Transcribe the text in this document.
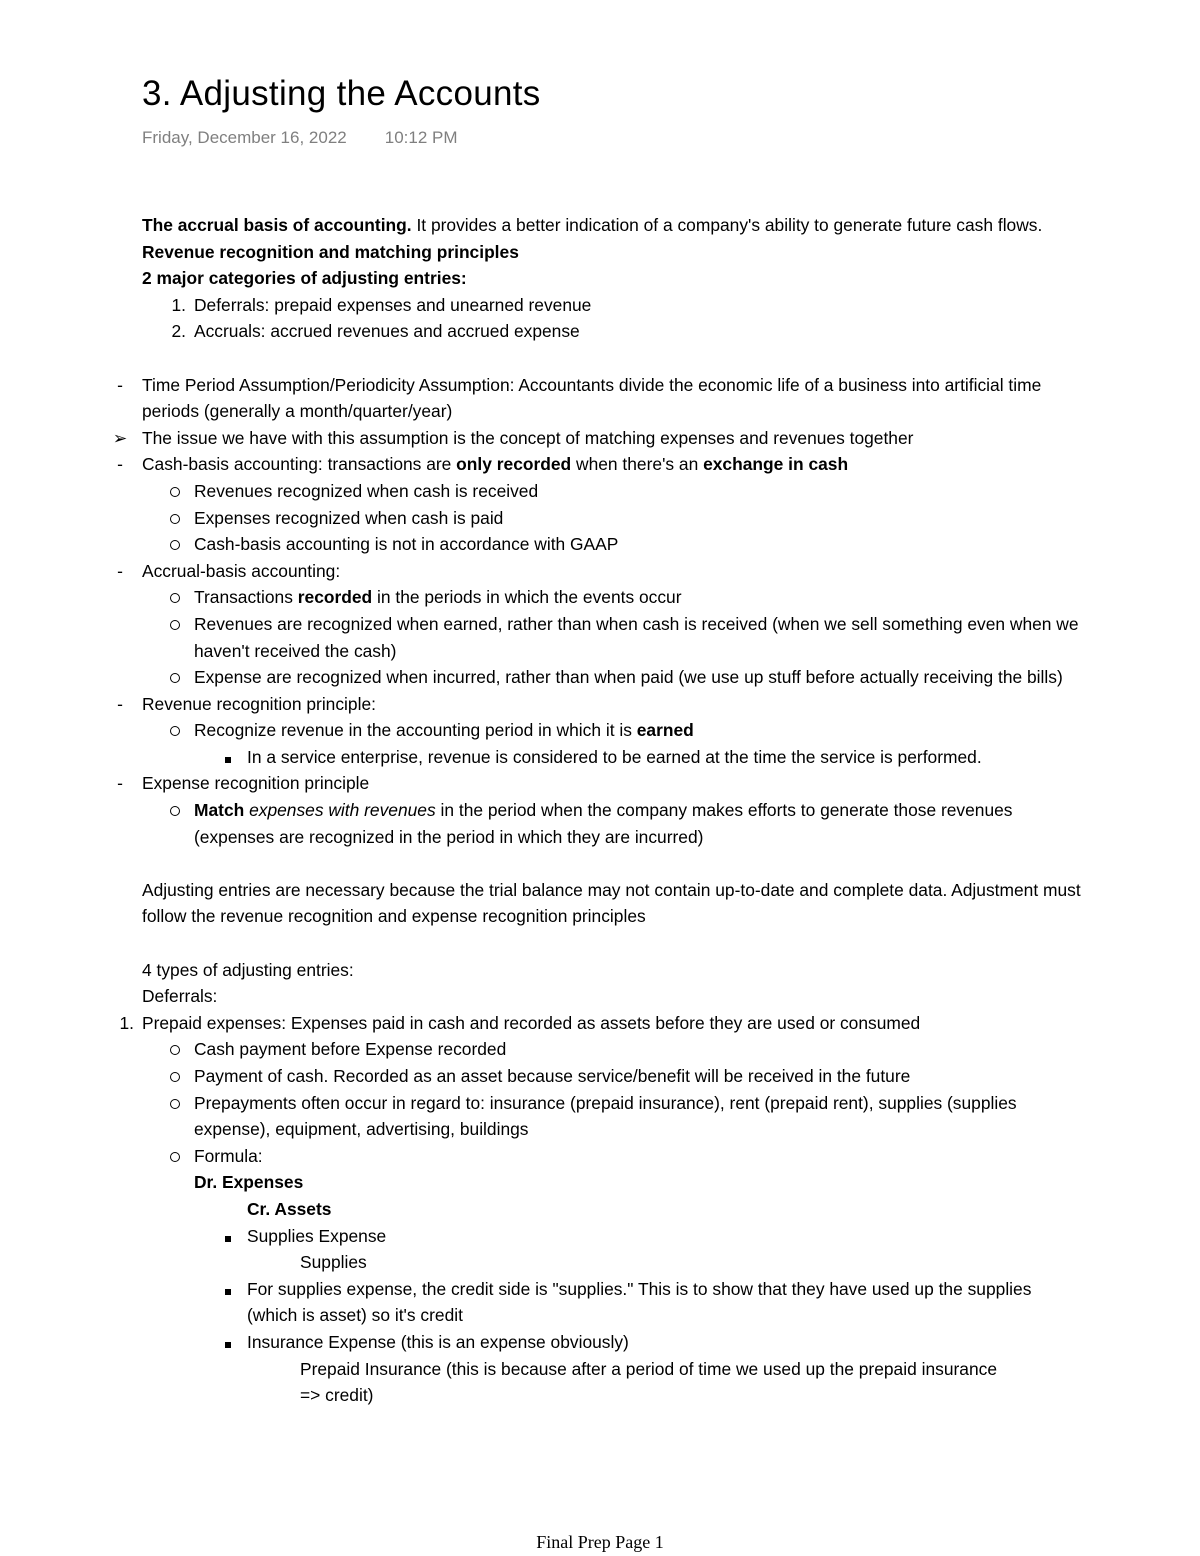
3. Adjusting the Accounts
Friday, December 16, 2022 10:12 PM

The accrual basis of accounting. It provides a better indication of a company's ability to generate future cash flows.

Revenue recognition and matching principles

2 major categories of adjusting entries:

1. Deferrals: prepaid expenses and unearned revenue
2. Accruals: accrued revenues and accrued expense
-	Time Period Assumption/Periodicity Assumption: Accountants divide the economic life of a business into artificial time periods (generally a month/quarter/year)
➢ The issue we have with this assumption is the concept of matching expenses and revenues together
-	Cash-basis accounting: transactions are only recorded when there's an exchange in cash
Revenues recognized when cash is received
Expenses recognized when cash is paid
Cash-basis accounting is not in accordance with GAAP
-	Accrual-basis accounting:
Transactions recorded in the periods in which the events occur
Revenues are recognized when earned, rather than when cash is received (when we sell something even when we haven't received the cash)
Expense are recognized when incurred, rather than when paid (we use up stuff before actually receiving the bills)
-	Revenue recognition principle:
Recognize revenue in the accounting period in which it is earned
In a service enterprise, revenue is considered to be earned at the time the service is performed.
-	Expense recognition principle
Match expenses with revenues in the period when the company makes efforts to generate those revenues (expenses are recognized in the period in which they are incurred)

Adjusting entries are necessary because the trial balance may not contain up-to-date and complete data. Adjustment must follow the revenue recognition and expense recognition principles

4 types of adjusting entries:

Deferrals:

1. Prepaid expenses: Expenses paid in cash and recorded as assets before they are used or consumed
Cash payment before Expense recorded
Payment of cash. Recorded as an asset because service/benefit will be received in the future
Prepayments often occur in regard to: insurance (prepaid insurance), rent (prepaid rent), supplies (supplies expense), equipment, advertising, buildings
Formula:

Dr. Expenses

Cr. Assets

Supplies Expense

Supplies

For supplies expense, the credit side is "supplies." This is to show that they have used up the supplies (which is asset) so it's credit
Insurance Expense (this is an expense obviously)

Prepaid Insurance (this is because after a period of time we used up the prepaid insurance => credit)

Final Prep Page 1
